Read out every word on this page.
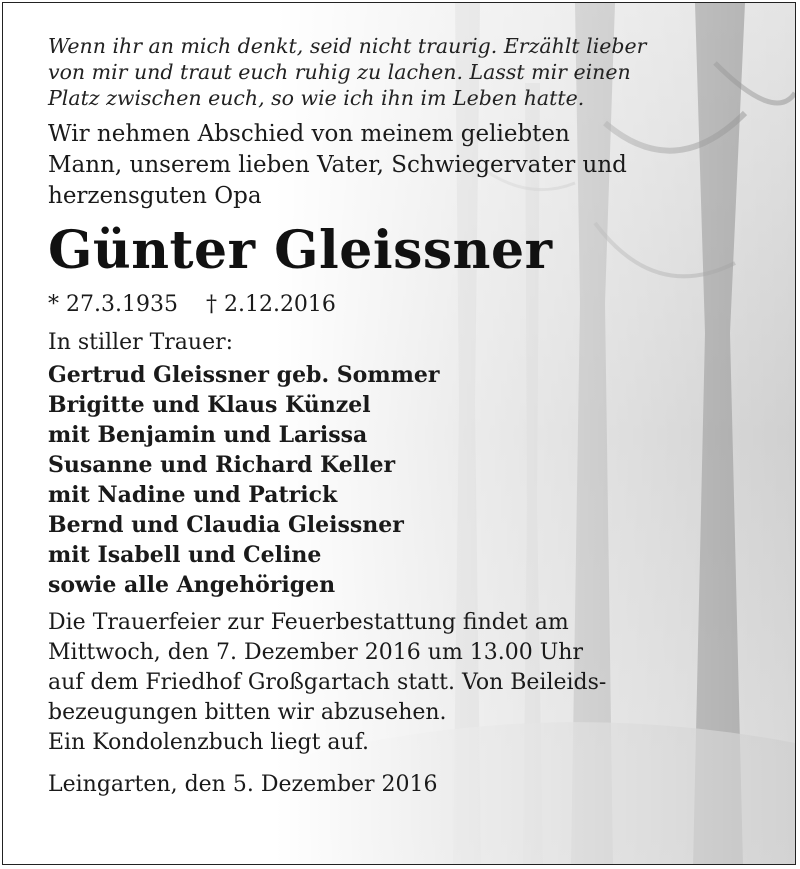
Wenn ihr an mich denkt, seid nicht traurig. Erzählt lieber
von mir und traut euch ruhig zu lachen. Lasst mir einen
Platz zwischen euch, so wie ich ihn im Leben hatte.

Wir nehmen Abschied von meinem geliebten
Mann, unserem lieben Vater, Schwiegervater und
herzensguten Opa

Günter Gleissner
* 27.3.1935 † 2.12.2016

In stiller Trauer:

Gertrud Gleissner geb. Sommer
Brigitte und Klaus Künzel
mit Benjamin und Larissa
Susanne und Richard Keller
mit Nadine und Patrick
Bernd und Claudia Gleissner
mit Isabell und Celine
sowie alle Angehörigen

Die Trauerfeier zur Feuerbestattung findet am
Mittwoch, den 7. Dezember 2016 um 13.00 Uhr
auf dem Friedhof Großgartach statt. Von Beileids-
bezeugungen bitten wir abzusehen.
Ein Kondolenzbuch liegt auf.

Leingarten, den 5. Dezember 2016
